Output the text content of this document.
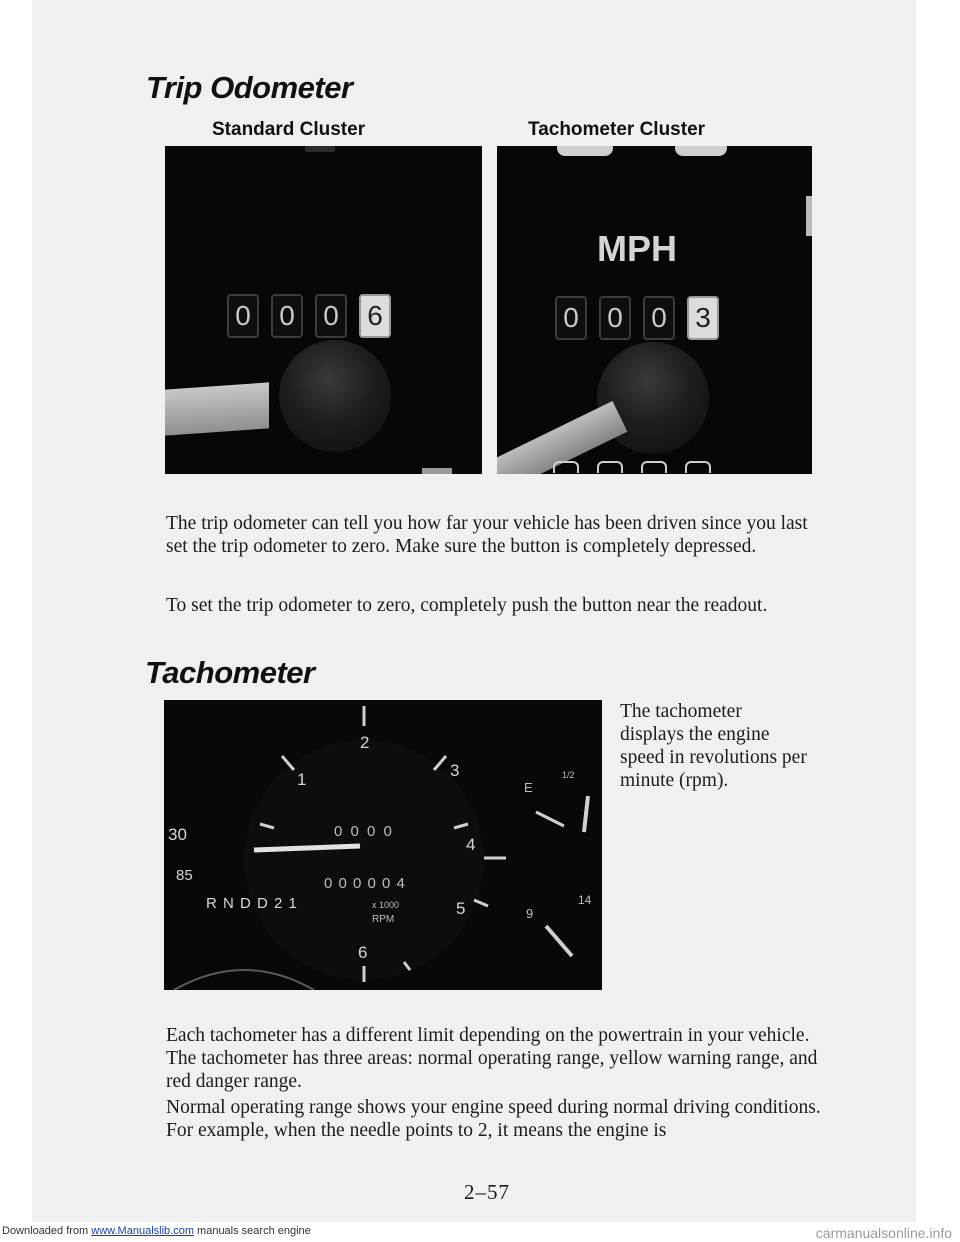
Trip Odometer
Standard Cluster	Tachometer Cluster
0 0 0 6
MPH
0 0 0 3

The trip odometer can tell you how far your vehicle has been driven since you last set the trip odometer to zero. Make sure the button is completely depressed.
To set the trip odometer to zero, completely push the button near the readout.
Tachometer
1
2
3
4
5
6
0 0 0 0
0 0 0 0 0 4
R N D D 2 1	x 1000
RPM
30
85
E
1/2
9
14
The tachometer displays the engine speed in revolutions per minute (rpm).
Each tachometer has a different limit depending on the powertrain in your vehicle. The tachometer has three areas: normal operating range, yellow warning range, and red danger range.
Normal operating range shows your engine speed during normal driving conditions. For example, when the needle points to 2, it means the engine is
2–57
Downloaded from www.Manualslib.com manuals search engine	carmanualsonline.info
